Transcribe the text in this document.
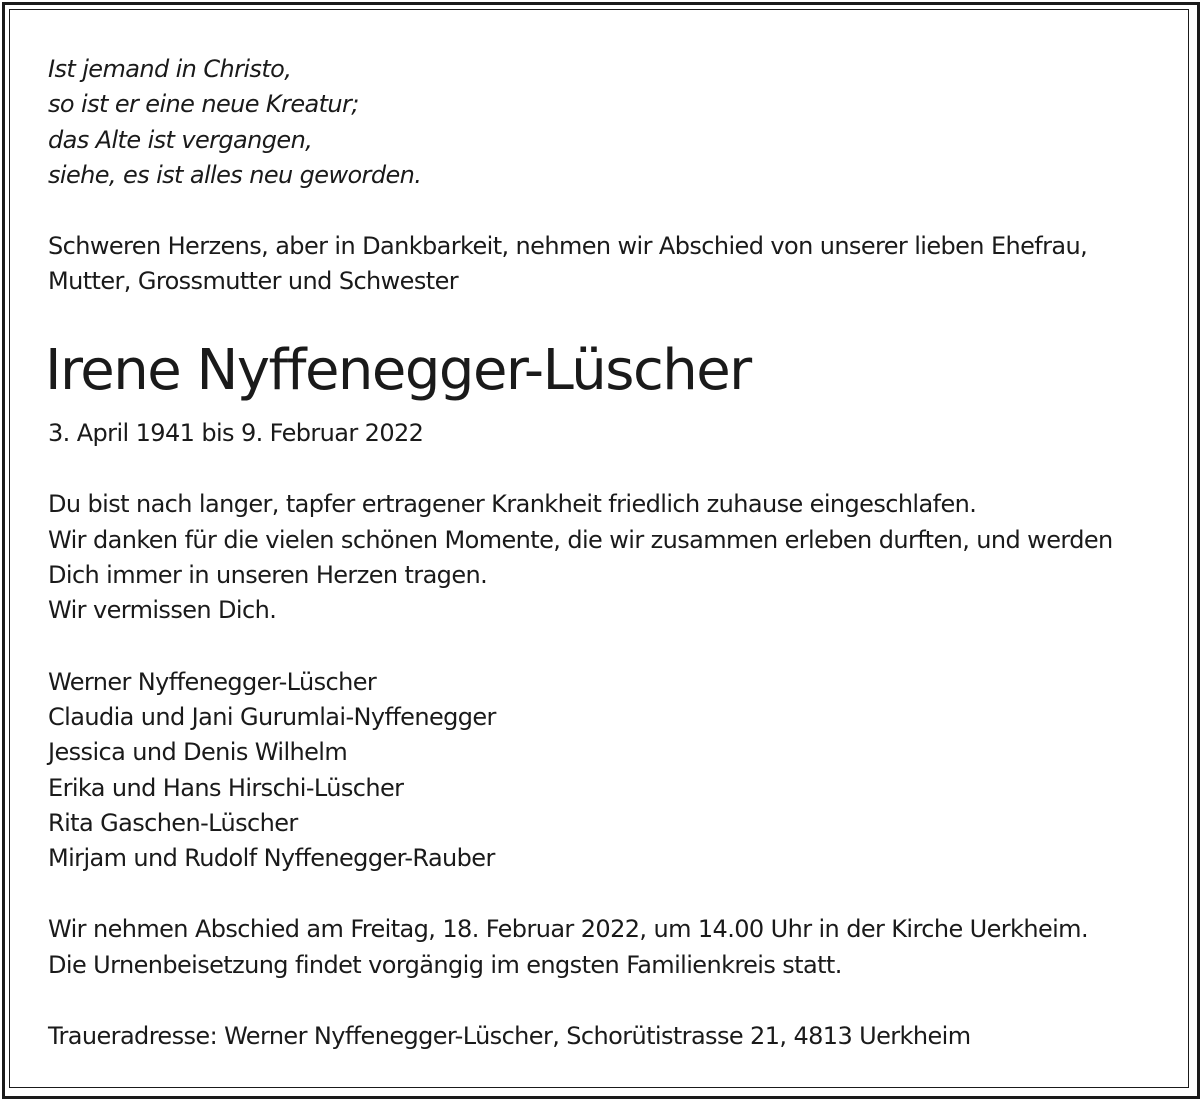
Ist jemand in Christo,
so ist er eine neue Kreatur;
das Alte ist vergangen,
siehe, es ist alles neu geworden.
Schweren Herzens, aber in Dankbarkeit, nehmen wir Abschied von unserer lieben Ehefrau,
Mutter, Grossmutter und Schwester
Irene Nyffenegger-Lüscher
3. April 1941 bis 9. Februar 2022
Du bist nach langer, tapfer ertragener Krankheit friedlich zuhause eingeschlafen.
Wir danken für die vielen schönen Momente, die wir zusammen erleben durften, und werden
Dich immer in unseren Herzen tragen.
Wir vermissen Dich.
Werner Nyffenegger-Lüscher
Claudia und Jani Gurumlai-Nyffenegger
Jessica und Denis Wilhelm
Erika und Hans Hirschi-Lüscher
Rita Gaschen-Lüscher
Mirjam und Rudolf Nyffenegger-Rauber
Wir nehmen Abschied am Freitag, 18. Februar 2022, um 14.00 Uhr in der Kirche Uerkheim.
Die Urnenbeisetzung findet vorgängig im engsten Familienkreis statt.
Traueradresse: Werner Nyffenegger-Lüscher, Schorütistrasse 21, 4813 Uerkheim
